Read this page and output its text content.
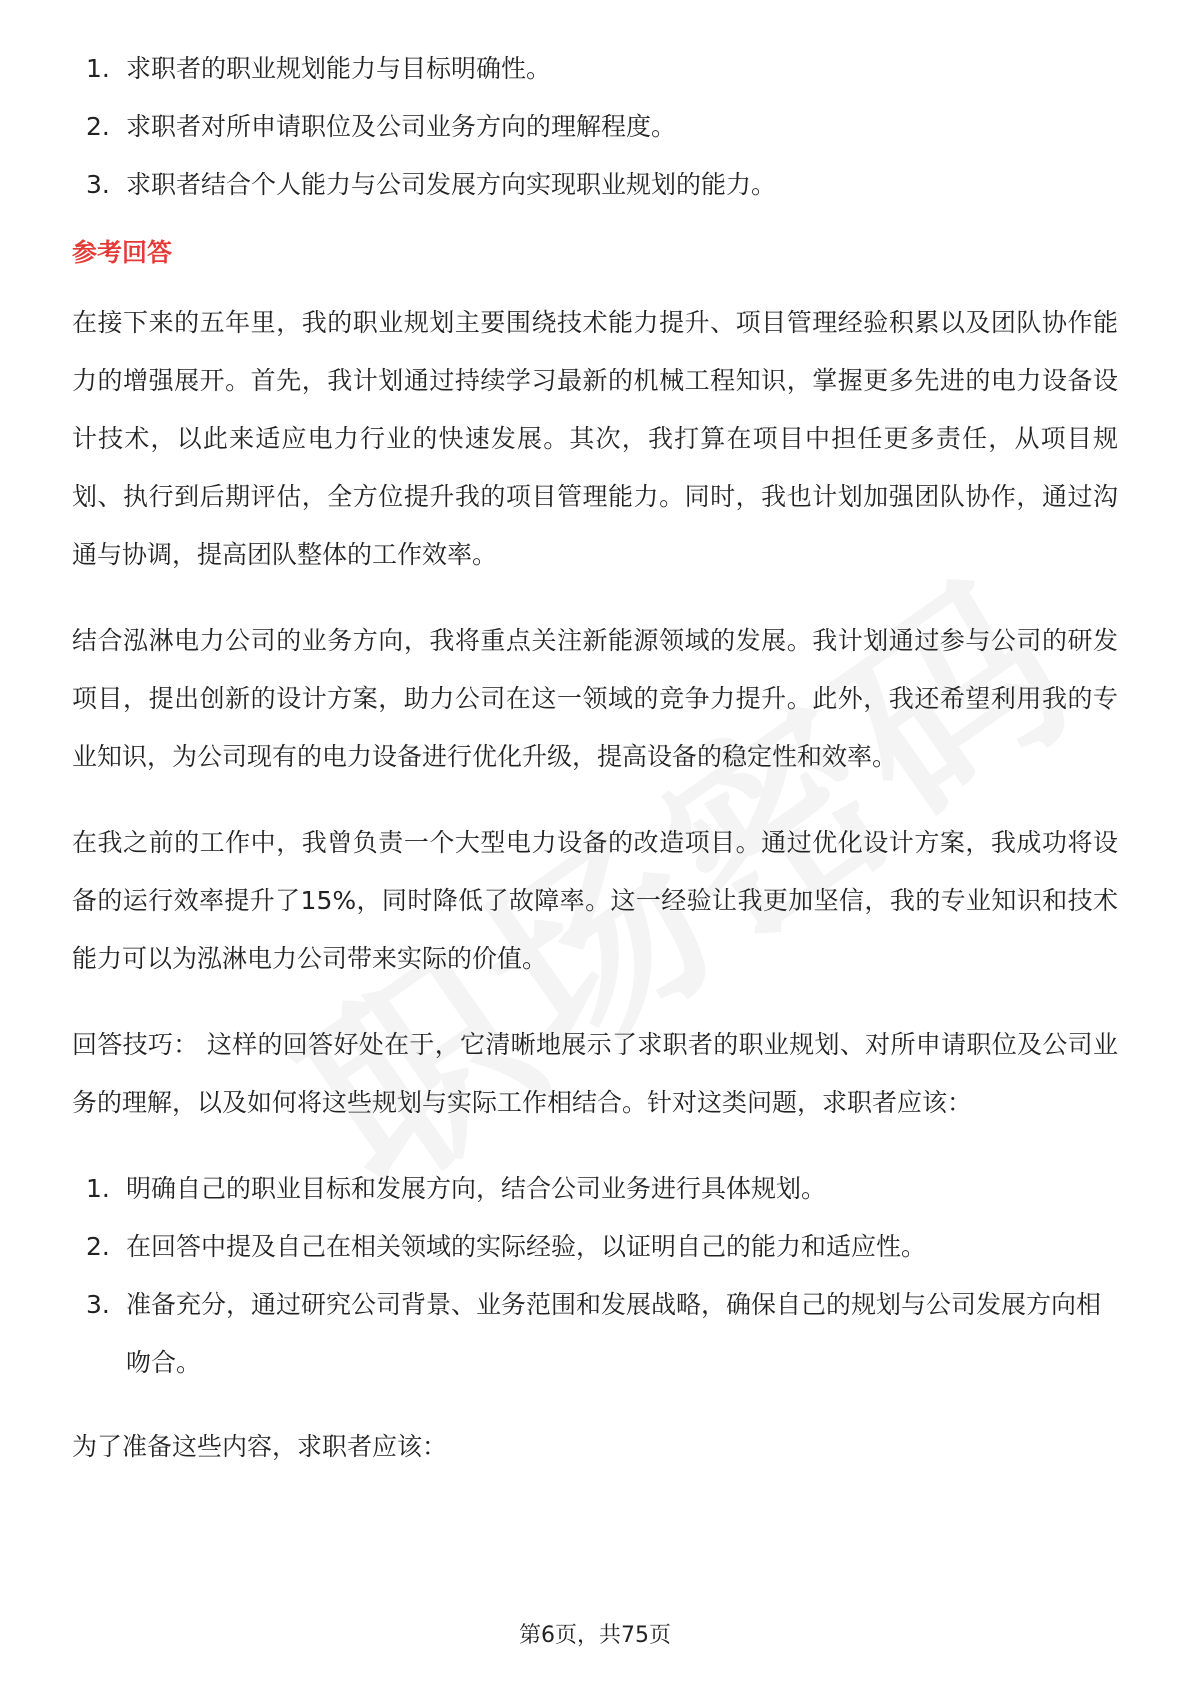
1. 求职者的职业规划能力与目标明确性。
2. 求职者对所申请职位及公司业务方向的理解程度。
3. 求职者结合个人能力与公司发展方向实现职业规划的能力。
参考回答

在接下来的五年里，我的职业规划主要围绕技术能力提升、项目管理经验积累以及团队协作能力的增强展开。首先，我计划通过持续学习最新的机械工程知识，掌握更多先进的电力设备设计技术，以此来适应电力行业的快速发展。其次，我打算在项目中担任更多责任，从项目规划、执行到后期评估，全方位提升我的项目管理能力。同时，我也计划加强团队协作，通过沟通与协调，提高团队整体的工作效率。

结合泓淋电力公司的业务方向，我将重点关注新能源领域的发展。我计划通过参与公司的研发项目，提出创新的设计方案，助力公司在这一领域的竞争力提升。此外，我还希望利用我的专业知识，为公司现有的电力设备进行优化升级，提高设备的稳定性和效率。

在我之前的工作中，我曾负责一个大型电力设备的改造项目。通过优化设计方案，我成功将设备的运行效率提升了15%，同时降低了故障率。这一经验让我更加坚信，我的专业知识和技术能力可以为泓淋电力公司带来实际的价值。

回答技巧： 这样的回答好处在于，它清晰地展示了求职者的职业规划、对所申请职位及公司业务的理解，以及如何将这些规划与实际工作相结合。针对这类问题，求职者应该：

1. 明确自己的职业目标和发展方向，结合公司业务进行具体规划。
2. 在回答中提及自己在相关领域的实际经验，以证明自己的能力和适应性。
3. 准备充分，通过研究公司背景、业务范围和发展战略，确保自己的规划与公司发展方向相吻合。

为了准备这些内容，求职者应该：

第6页，共75页
